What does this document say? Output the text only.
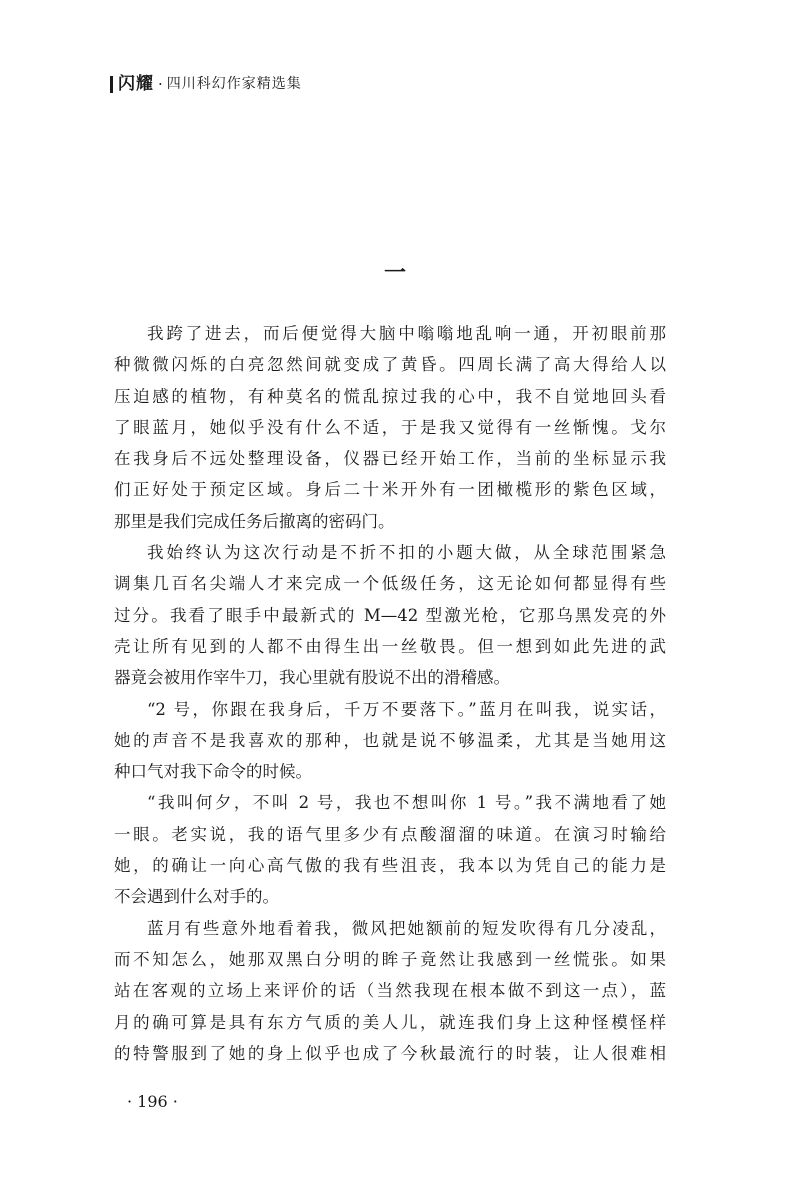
闪耀 · 四川科幻作家精选集
一
我跨了进去，而后便觉得大脑中嗡嗡地乱响一通，开初眼前那
种微微闪烁的白亮忽然间就变成了黄昏。四周长满了高大得给人以
压迫感的植物，有种莫名的慌乱掠过我的心中，我不自觉地回头看
了眼蓝月，她似乎没有什么不适，于是我又觉得有一丝惭愧。戈尔
在我身后不远处整理设备，仪器已经开始工作，当前的坐标显示我
们正好处于预定区域。身后二十米开外有一团橄榄形的紫色区域，
那里是我们完成任务后撤离的密码门。
我始终认为这次行动是不折不扣的小题大做，从全球范围紧急
调集几百名尖端人才来完成一个低级任务，这无论如何都显得有些
过分。我看了眼手中最新式的 M—42 型激光枪，它那乌黑发亮的外
壳让所有见到的人都不由得生出一丝敬畏。但一想到如此先进的武
器竟会被用作宰牛刀，我心里就有股说不出的滑稽感。
“2 号，你跟在我身后，千万不要落下。”蓝月在叫我，说实话，
她的声音不是我喜欢的那种，也就是说不够温柔，尤其是当她用这
种口气对我下命令的时候。
“我叫何夕，不叫 2 号，我也不想叫你 1 号。”我不满地看了她
一眼。老实说，我的语气里多少有点酸溜溜的味道。在演习时输给
她，的确让一向心高气傲的我有些沮丧，我本以为凭自己的能力是
不会遇到什么对手的。
蓝月有些意外地看着我，微风把她额前的短发吹得有几分凌乱，
而不知怎么，她那双黑白分明的眸子竟然让我感到一丝慌张。如果
站在客观的立场上来评价的话（当然我现在根本做不到这一点），蓝
月的确可算是具有东方气质的美人儿，就连我们身上这种怪模怪样
的特警服到了她的身上似乎也成了今秋最流行的时装，让人很难相
· 196 ·
